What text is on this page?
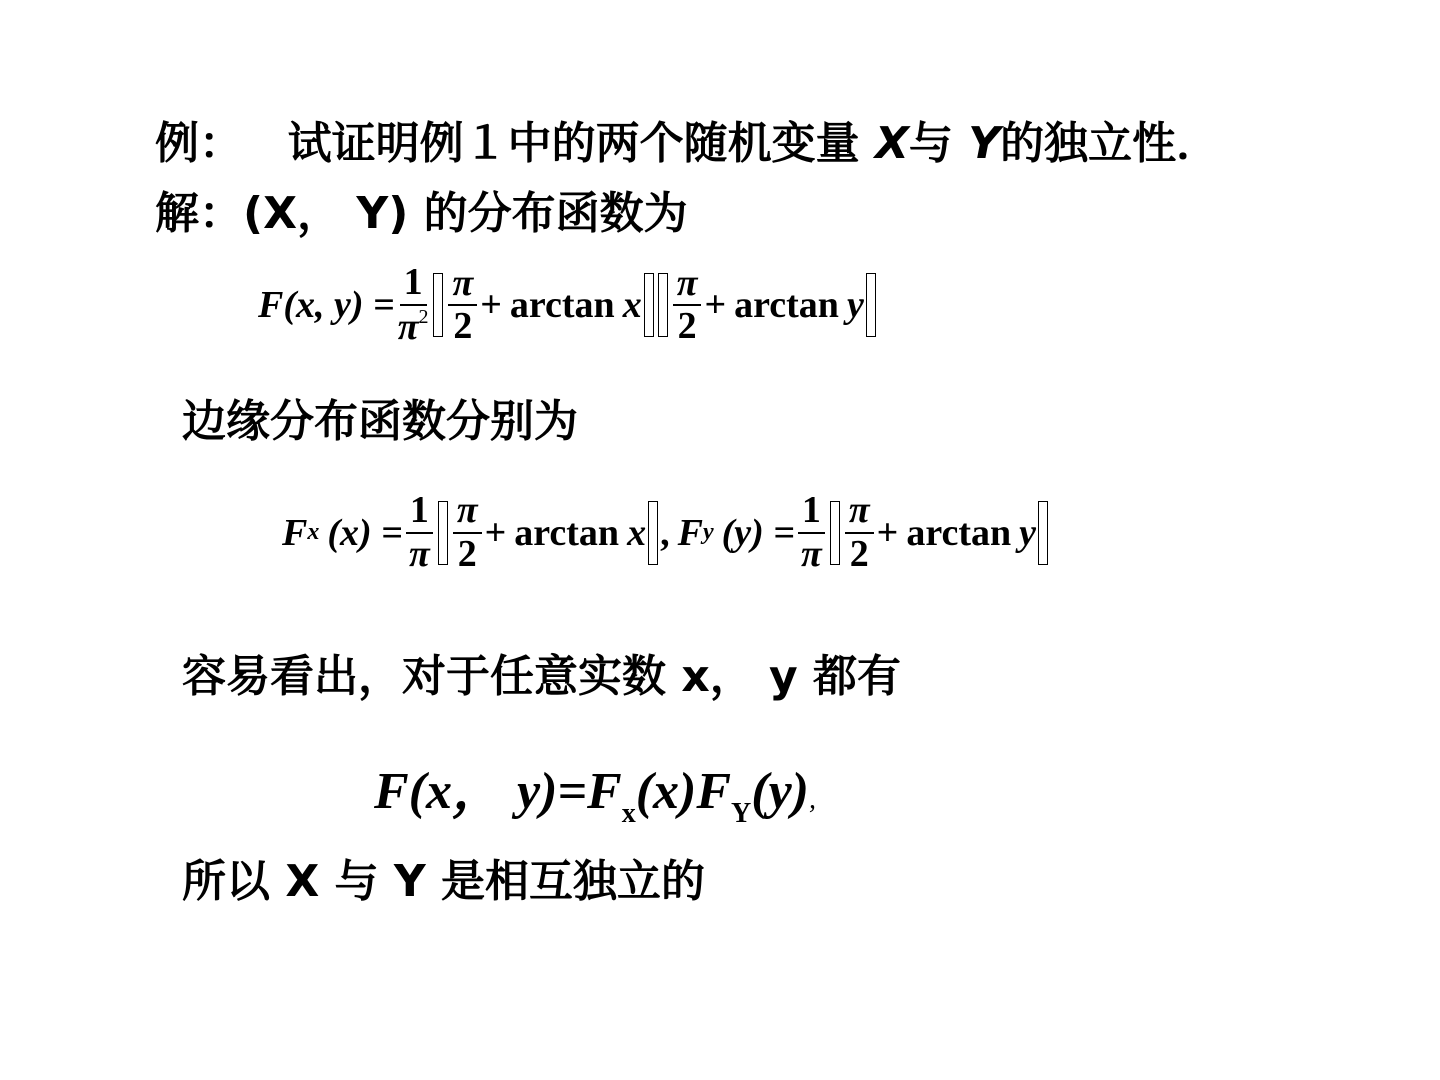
例： 试证明例１中的两个随机变量 X与 Y的独立性．
解：(X， Y) 的分布函数为
F(x, $y) = \frac{1}{\pi^2} \frac{\pi}{2} + \arctan x \frac{\pi}{2} + \arctan y$
边缘分布函数分别为
F x $(x) = \frac{1}{\pi} \frac{\pi}{2} + \arctan x$ , F y $(y) = \frac{1}{\pi} \frac{\pi}{2} + \arctan y$
容易看出，对于任意实数 x， y 都有
F(x， $y)=F_x(x)F_Y(y)$,
所以 X 与 Y 是相互独立的
